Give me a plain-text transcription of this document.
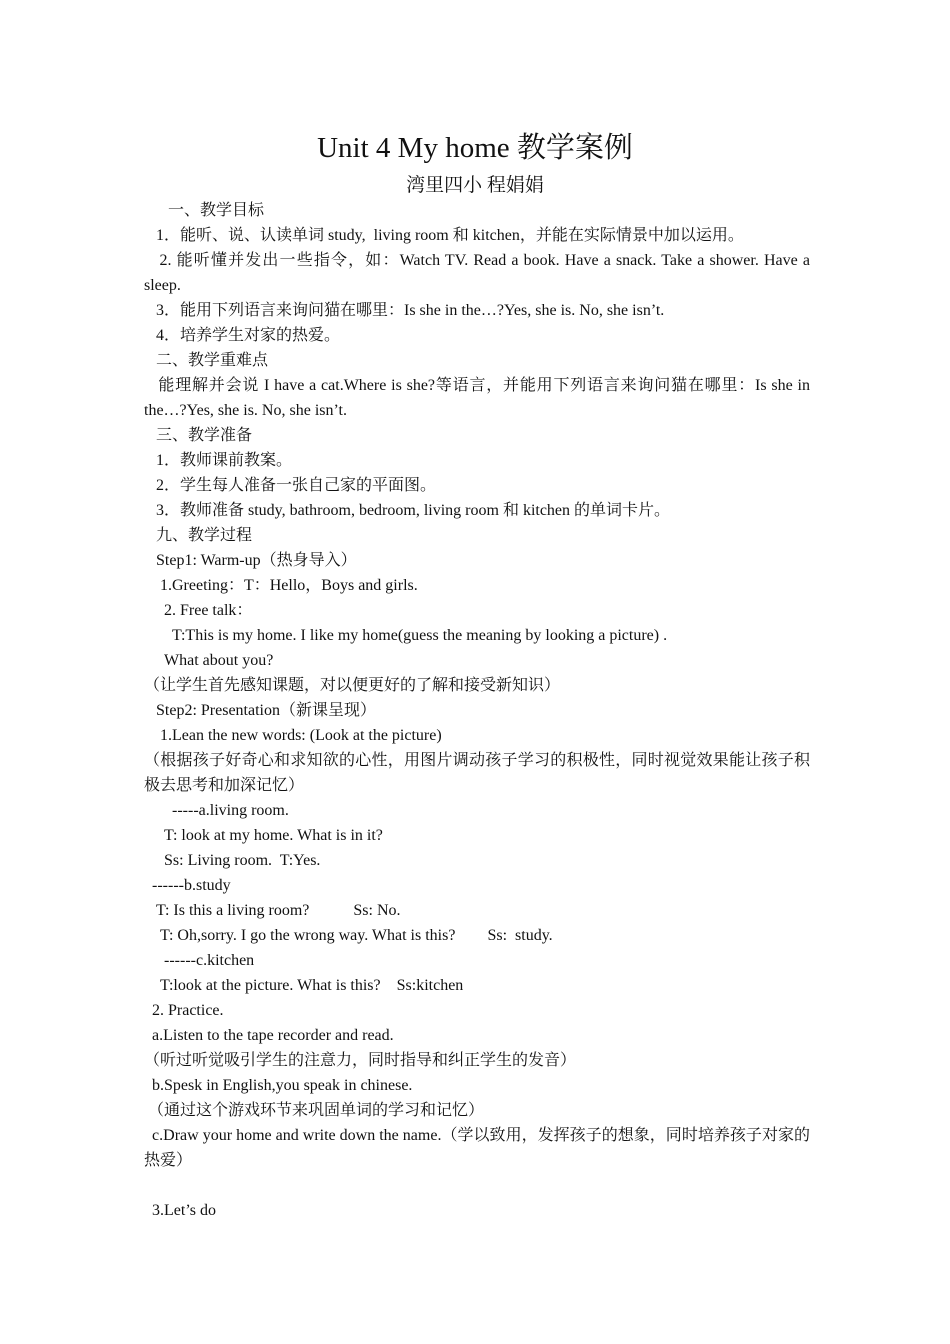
Unit 4 My home 教学案例
湾里四小 程娟娟

一、教学目标

1．能听、说、认读单词 study,  living room 和 kitchen，并能在实际情景中加以运用。

2. 能听懂并发出一些指令，如：Watch TV. Read a book. Have a snack. Take a shower. Have a sleep.

3．能用下列语言来询问猫在哪里：Is she in the…?Yes, she is. No, she isn’t.

4．培养学生对家的热爱。

二、教学重难点

能理解并会说 I have a cat.Where is she?等语言，并能用下列语言来询问猫在哪里：Is she in the…?Yes, she is. No, she isn’t.

三、教学准备

1．教师课前教案。

2．学生每人准备一张自己家的平面图。

3．教师准备 study, bathroom, bedroom, living room 和 kitchen 的单词卡片。

九、教学过程

Step1: Warm-up（热身导入）

1.Greeting：T：Hello，Boys and girls.

2. Free talk：

T:This is my home. I like my home(guess the meaning by looking a picture) .

What about you?

（让学生首先感知课题，对以便更好的了解和接受新知识）

Step2: Presentation（新课呈现）

1.Lean the new words: (Look at the picture)

（根据孩子好奇心和求知欲的心性，用图片调动孩子学习的积极性，同时视觉效果能让孩子积极去思考和加深记忆）

-----a.living room.

T: look at my home. What is in it?

Ss: Living room.  T:Yes.

------b.study

T: Is this a living room?           Ss: No.

T: Oh,sorry. I go the wrong way. What is this?        Ss:  study.

------c.kitchen

T:look at the picture. What is this?    Ss:kitchen

2. Practice.

a.Listen to the tape recorder and read.

（听过听觉吸引学生的注意力，同时指导和纠正学生的发音）

b.Spesk in English,you speak in chinese.

（通过这个游戏环节来巩固单词的学习和记忆）

c.Draw your home and write down the name.（学以致用，发挥孩子的想象，同时培养孩子对家的热爱）

3.Let’s do
